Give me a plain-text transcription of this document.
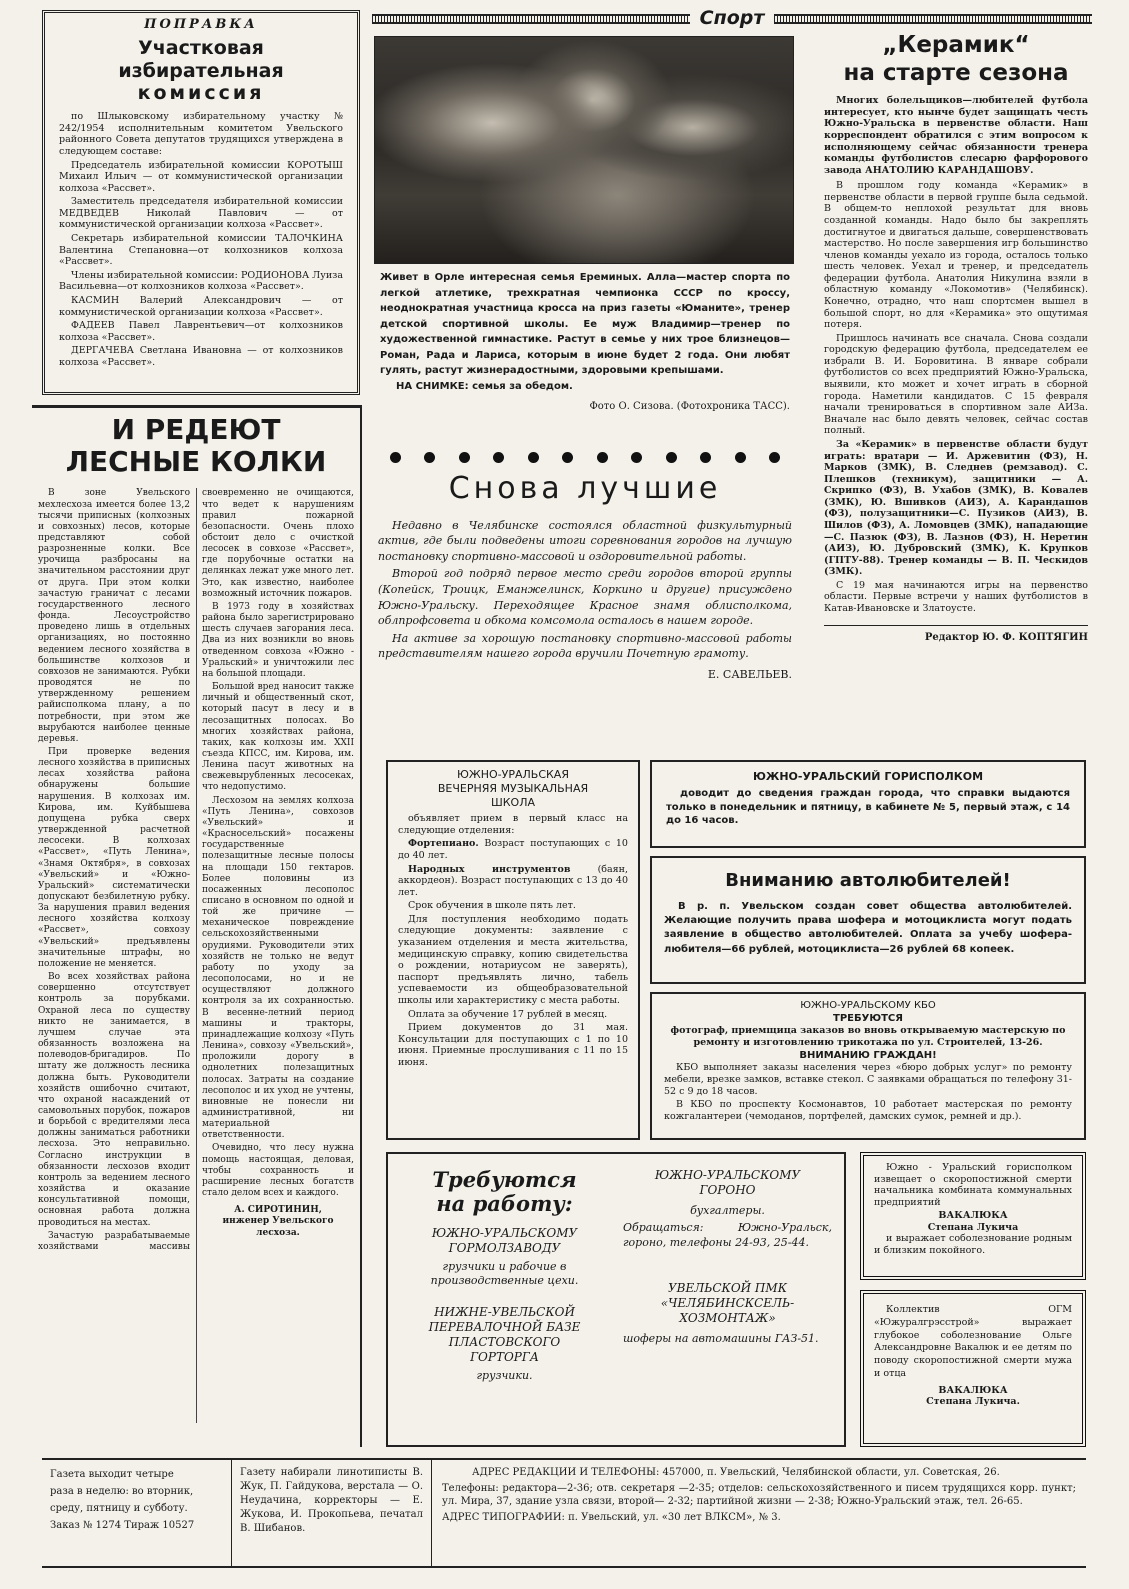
ПОПРАВКА
Участковая
избирательная
комиссия

по Шлыковскому избирательному участку № 242/1954 исполнительным комитетом Увельского районного Совета депутатов трудящихся утверждена в следующем составе:

Председатель избирательной комиссии КОРОТЫШ Михаил Ильич — от коммунистической организации колхоза «Рассвет».

Заместитель председателя избирательной комиссии МЕДВЕДЕВ Николай Павлович — от коммунистической организации колхоза «Рассвет».

Секретарь избирательной комиссии ТАЛОЧКИНА Валентина Степановна—от колхозников колхоза «Рассвет».

Члены избирательной комиссии: РОДИОНОВА Луиза Васильевна—от колхозников колхоза «Рассвет».

КАСМИН Валерий Александрович — от коммунистической организации колхоза «Рассвет».

ФАДЕЕВ Павел Лаврентьевич—от колхозников колхоза «Рассвет».

ДЕРГАЧЕВА Светлана Ивановна — от колхозников колхоза «Рассвет».

И РЕДЕЮТ
ЛЕСНЫЕ КОЛКИ

В зоне Увельского мехлесхоза имеется более 13,2 тысячи приписных (колхозных и совхозных) лесов, которые представляют собой разрозненные колки. Все урочища разбросаны на значительном расстоянии друг от друга. При этом колки зачастую граничат с лесами государственного лесного фонда. Лесоустройство проведено лишь в отдельных организациях, но постоянно ведением лесного хозяйства в большинстве колхозов и совхозов не занимаются. Рубки проводятся не по утвержденному решением райисполкома плану, а по потребности, при этом же вырубаются наиболее ценные деревья.

При проверке ведения лесного хозяйства в приписных лесах хозяйства района обнаружены большие нарушения. В колхозах им. Кирова, им. Куйбышева допущена рубка сверх утвержденной расчетной лесосеки. В колхозах «Рассвет», «Путь Ленина», «Знамя Октября», в совхозах «Увельский» и «Южно-Уральский» систематически допускают безбилетную рубку. За нарушения правил ведения лесного хозяйства колхозу «Рассвет», совхозу «Увельский» предъявлены значительные штрафы, но положение не меняется.

Во всех хозяйствах района совершенно отсутствует контроль за порубками. Охраной леса по существу никто не занимается, в лучшем случае эта обязанность возложена на полеводов-бригадиров. По штату же должность лесника должна быть. Руководители хозяйств ошибочно считают, что охраной насаждений от самовольных порубок, пожаров и борьбой с вредителями леса должны заниматься работники лесхоза. Это неправильно. Согласно инструкции в обязанности лесхозов входит контроль за ведением лесного хозяйства и оказание консультативной помощи, основная работа должна проводиться на местах.

Зачастую разрабатываемые хозяйствами массивы своевременно не очищаются, что ведет к нарушениям правил пожарной безопасности. Очень плохо обстоит дело с очисткой лесосек в совхозе «Рассвет», где порубочные остатки на делянках лежат уже много лет. Это, как известно, наиболее возможный источник пожаров.

В 1973 году в хозяйствах района было зарегистрировано шесть случаев загорания леса. Два из них возникли во вновь отведенном совхоза «Южно - Уральский» и уничтожили лес на большой площади.

Большой вред наносит также личный и общественный скот, который пасут в лесу и в лесозащитных полосах. Во многих хозяйствах района, таких, как колхозы им. XXII съезда КПСС, им. Кирова, им. Ленина пасут животных на свежевырубленных лесосеках, что недопустимо.

Лесхозом на землях колхоза «Путь Ленина», совхозов «Увельский» и «Красносельский» посажены государственные полезащитные лесные полосы на площади 150 гектаров. Более половины из посаженных лесополос списано в основном по одной и той же причине — механическое повреждение сельскохозяйственными орудиями. Руководители этих хозяйств не только не ведут работу по уходу за лесополосами, но и не осуществляют должного контроля за их сохранностью. В весенне-летний период машины и тракторы, принадлежащие колхозу «Путь Ленина», совхозу «Увельский», проложили дорогу в однолетних полезащитных полосах. Затраты на создание лесополос и их уход не учтены, виновные не понесли ни административной, ни материальной ответственности.

Очевидно, что лесу нужна помощь настоящая, деловая, чтобы сохранность и расширение лесных богатств стало делом всех и каждого.

А. СИРОТИНИН,
инженер Увельского лесхоза.
Спорт

Живет в Орле интересная семья Ереминых. Алла—мастер спорта по легкой атлетике, трехкратная чемпионка СССР по кроссу, неоднократная участница кросса на приз газеты «Юманите», тренер детской спортивной школы. Ее муж Владимир—тренер по художественной гимнастике. Растут в семье у них трое близнецов—Роман, Рада и Лариса, которым в июне будет 2 года. Они любят гулять, растут жизнерадостными, здоровыми крепышами.

НА СНИМКЕ: семья за обедом.
Фото О. Сизова. (Фотохроника ТАСС).
Снова лучшие

Недавно в Челябинске состоялся областной физкультурный актив, где были подведены итоги соревнования городов на лучшую постановку спортивно-массовой и оздоровительной работы.

Второй год подряд первое место среди городов второй группы (Копейск, Троицк, Еманжелинск, Коркино и другие) присуждено Южно-Уральску. Переходящее Красное знамя облисполкома, облпрофсовета и обкома комсомола осталось в нашем городе.

На активе за хорошую постановку спортивно-массовой работы представителям нашего города вручили Почетную грамоту.

Е. САВЕЛЬЕВ.
„Керамик“
на старте сезона

Многих болельщиков—любителей футбола интересует, кто нынче будет защищать честь Южно-Уральска в первенстве области. Наш корреспондент обратился с этим вопросом к исполняющему сейчас обязанности тренера команды футболистов слесарю фарфорового завода АНАТОЛИЮ КАРАНДАШОВУ.

В прошлом году команда «Керамик» в первенстве области в первой группе была седьмой. В общем-то неплохой результат для вновь созданной команды. Надо было бы закреплять достигнутое и двигаться дальше, совершенствовать мастерство. Но после завершения игр большинство членов команды уехало из города, осталось только шесть человек. Уехал и тренер, и председатель федерации футбола. Анатолия Никулина взяли в областную команду «Локомотив» (Челябинск). Конечно, отрадно, что наш спортсмен вышел в большой спорт, но для «Керамика» это ощутимая потеря.

Пришлось начинать все сначала. Снова создали городскую федерацию футбола, председателем ее избрали В. И. Боровитина. В январе собрали футболистов со всех предприятий Южно-Уральска, выявили, кто может и хочет играть в сборной города. Наметили кандидатов. С 15 февраля начали тренироваться в спортивном зале АИЗа. Вначале нас было девять человек, сейчас состав полный.

За «Керамик» в первенстве области будут играть: вратари — И. Аржевитин (ФЗ), Н. Марков (ЗМК), В. Следнев (ремзавод). С. Плешков (техникум), защитники — А. Скрипко (ФЗ), В. Ухабов (ЗМК), В. Ковалев (ЗМК), Ю. Вшивков (АИЗ), А. Карандашов (ФЗ), полузащитники—С. Пузиков (АИЗ), В. Шилов (ФЗ), А. Ломовцев (ЗМК), нападающие—С. Пазюк (ФЗ), В. Лазнов (ФЗ), Н. Неретин (АИЗ), Ю. Дубровский (ЗМК), К. Крупков (ГПТУ-88). Тренер команды — В. П. Ческидов (ЗМК).

С 19 мая начинаются игры на первенство области. Первые встречи у наших футболистов в Катав-Ивановске и Златоусте.

Редактор Ю. Ф. КОПТЯГИН
ЮЖНО-УРАЛЬСКАЯ
ВЕЧЕРНЯЯ МУЗЫКАЛЬНАЯ
ШКОЛА

объявляет прием в первый класс на следующие отделения:

Фортепиано. Возраст поступающих с 10 до 40 лет.

Народных инструментов	(баян, аккордеон). Возраст поступающих с 13 до 40 лет.

Срок обучения в школе пять лет.

Для поступления необходимо подать следующие документы: заявление с указанием отделения и места жительства, медицинскую справку, копию свидетельства о рождении, нотариусом не заверять), паспорт предъявлять лично, табель успеваемости из общеобразовательной школы или характеристику с места работы.

Оплата за обучение 17 рублей в месяц.

Прием документов до 31 мая. Консультации для поступающих с 1 по 10 июня. Приемные прослушивания с 11 по 15 июня.

ЮЖНО-УРАЛЬСКИЙ ГОРИСПОЛКОМ

доводит до сведения граждан города, что справки выдаются только в понедельник и пятницу, в кабинете № 5, первый этаж, с 14 до 16 часов.

Вниманию автолюбителей!

В р. п. Увельском создан совет общества автолюбителей. Желающие получить права шофера и мотоциклиста могут подать заявление в общество автолюбителей. Оплата за учебу шофера-любителя—66 рублей, мотоциклиста—26 рублей 68 копеек.

ЮЖНО-УРАЛЬСКОМУ КБО
ТРЕБУЮТСЯ

фотограф, приемщица заказов во вновь открываемую мастерскую по ремонту и изготовлению трикотажа по ул. Строителей, 13-26.

ВНИМАНИЮ ГРАЖДАН!

КБО выполняет заказы населения через «бюро добрых услуг» по ремонту мебели, врезке замков, вставке стекол. С заявками обращаться по телефону 31-52 с 9 до 18 часов.

В КБО по проспекту Космонавтов, 10 работает мастерская по ремонту кожгалантереи (чемоданов, портфелей, дамских сумок, ремней и др.).

Требуются
на работу:
ЮЖНО-УРАЛЬСКОМУ
ГОРМОЛЗАВОДУ

грузчики и рабочие в производственные цехи.

НИЖНЕ-УВЕЛЬСКОЙ
ПЕРЕВАЛОЧНОЙ БАЗЕ
ПЛАСТОВСКОГО
ГОРТОРГА
грузчики.
ЮЖНО-УРАЛЬСКОМУ
ГОРОНО
бухгалтеры.

Обращаться: Южно-Уральск, гороно, телефоны 24-93, 25-44.

УВЕЛЬСКОЙ ПМК
«ЧЕЛЯБИНСКСЕЛЬ-
ХОЗМОНТАЖ»

шоферы на автомашины ГАЗ-51.

Южно - Уральский горисполком извещает о скоропостижной смерти начальника комбината коммунальных предприятий

ВАКАЛЮКА
Степана Лукича

и выражает соболезнование родным и близким покойного.

Коллектив ОГМ «Южуралгрэсстрой» выражает глубокое соболезнование Ольге Александровне Вакалюк и ее детям по поводу скоропостижной смерти мужа и отца

ВАКАЛЮКА
Степана Лукича.
Газета выходит четыре
раза в неделю: во вторник,
среду, пятницу и субботу.
Заказ № 1274 Тираж 10527

Газету набирали линотиписты В. Жук, П. Гайдукова, верстала — О. Неудачина, корректоры — Е. Жукова, И. Прокопьева, печатал В. Шибанов.

АДРЕС РЕДАКЦИИ И ТЕЛЕФОНЫ: 457000, п. Увельский, Челябинской области, ул. Советская, 26.

Телефоны: редактора—2-36; отв. секретаря —2-35; отделов: сельскохозяйственного и писем трудящихся корр. пункт; ул. Мира, 37, здание узла связи, второй— 2-32; партийной жизни — 2-38; Южно-Уральский этаж, тел. 26-65.

АДРЕС ТИПОГРАФИИ: п. Увельский, ул. «30 лет ВЛКСМ», № 3.
